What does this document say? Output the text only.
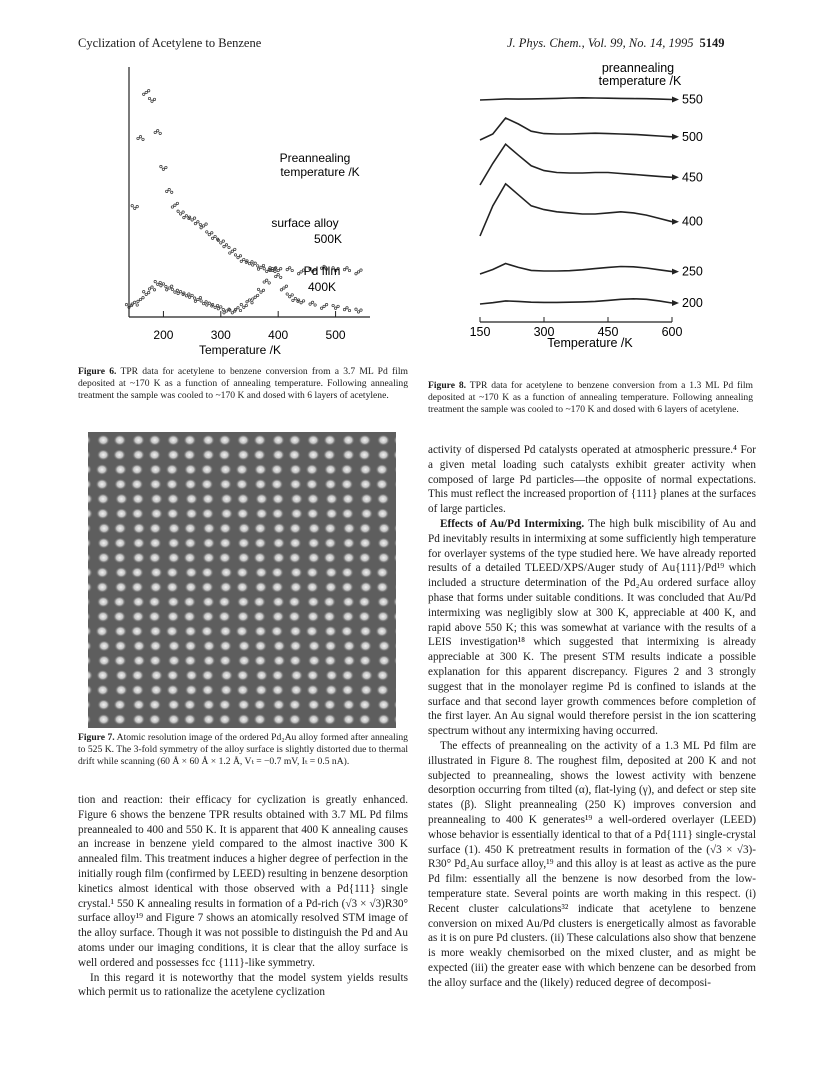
Cyclization of Acetylene to Benzene	J. Phys. Chem., Vol. 99, No. 14, 1995 5149
Preannealing
temperature /K
surface alloy
500K
Pd film
400K
200	300	400	500
Temperature /K
Figure 6. TPR data for acetylene to benzene conversion from a 3.7 ML Pd film deposited at ~170 K as a function of annealing temperature. Following annealing treatment the sample was cooled to ~170 K and dosed with 6 layers of acetylene.
preannealing
temperature /K
550
500
450
400
250
200
150	300	450	600
Temperature /K
Figure 8. TPR data for acetylene to benzene conversion from a 1.3 ML Pd film deposited at ~170 K as a function of annealing temperature. Following annealing treatment the sample was cooled to ~170 K and dosed with 6 layers of acetylene.
Figure 7. Atomic resolution image of the ordered Pd₂Au alloy formed after annealing to 525 K. The 3-fold symmetry of the alloy surface is slightly distorted due to thermal drift while scanning (60 Å × 60 Å × 1.2 Å, Vₜ = −0.7 mV, Iₜ = 0.5 nA).

tion and reaction: their efficacy for cyclization is greatly enhanced. Figure 6 shows the benzene TPR results obtained with 3.7 ML Pd films preannealed to 400 and 550 K. It is apparent that 400 K annealing causes an increase in benzene yield compared to the almost inactive 300 K annealed film. This treatment induces a higher degree of perfection in the initially rough film (confirmed by LEED) resulting in benzene desorption kinetics almost identical with those observed with a Pd{111} single crystal.¹ 550 K annealing results in formation of a Pd-rich (√3 × √3)R30° surface alloy¹⁹ and Figure 7 shows an atomically resolved STM image of the alloy surface. Though it was not possible to distinguish the Pd and Au atoms under our imaging conditions, it is clear that the alloy surface is well ordered and possesses fcc {111}-like symmetry.

In this regard it is noteworthy that the model system yields results which permit us to rationalize the acetylene cyclization

activity of dispersed Pd catalysts operated at atmospheric pressure.⁴ For a given metal loading such catalysts exhibit greater activity when composed of large Pd particles—the opposite of normal expectations. This must reflect the increased proportion of {111} planes at the surfaces of large particles.

Effects of Au/Pd Intermixing. The high bulk miscibility of Au and Pd inevitably results in intermixing at some sufficiently high temperature for overlayer systems of the type studied here. We have already reported results of a detailed TLEED/XPS/Auger study of Au{111}/Pd¹⁹ which included a structure determination of the Pd₂Au ordered surface alloy phase that forms under suitable conditions. It was concluded that Au/Pd intermixing was negligibly slow at 300 K, appreciable at 400 K, and rapid above 550 K; this was somewhat at variance with the results of a LEIS investigation¹⁸ which suggested that intermixing is already appreciable at 300 K. The present STM results indicate a possible explanation for this apparent discrepancy. Figures 2 and 3 strongly suggest that in the monolayer regime Pd is confined to islands at the surface and that second layer growth commences before completion of the first layer. An Au signal would therefore persist in the ion scattering spectrum without any intermixing having occurred.

The effects of preannealing on the activity of a 1.3 ML Pd film are illustrated in Figure 8. The roughest film, deposited at 200 K and not subjected to preannealing, shows the lowest activity with benzene desorption occurring from tilted (α), flat-lying (γ), and defect or step site states (β). Slight preannealing (250 K) improves conversion and preannealing to 400 K generates¹⁹ a well-ordered overlayer (LEED) whose behavior is essentially identical to that of a Pd{111} single-crystal surface (1). 450 K pretreatment results in formation of the (√3 × √3)-R30° Pd₂Au surface alloy,¹⁹ and this alloy is at least as active as the pure Pd film: essentially all the benzene is now desorbed from the low-temperature state. Several points are worth making in this respect. (i) Recent cluster calculations³² indicate that acetylene to benzene conversion on mixed Au/Pd clusters is energetically almost as favorable as it is on pure Pd clusters. (ii) These calculations also show that benzene is more weakly chemisorbed on the mixed cluster, and as might be expected (iii) the greater ease with which benzene can be desorbed from the alloy surface and the (likely) reduced degree of decomposi-
